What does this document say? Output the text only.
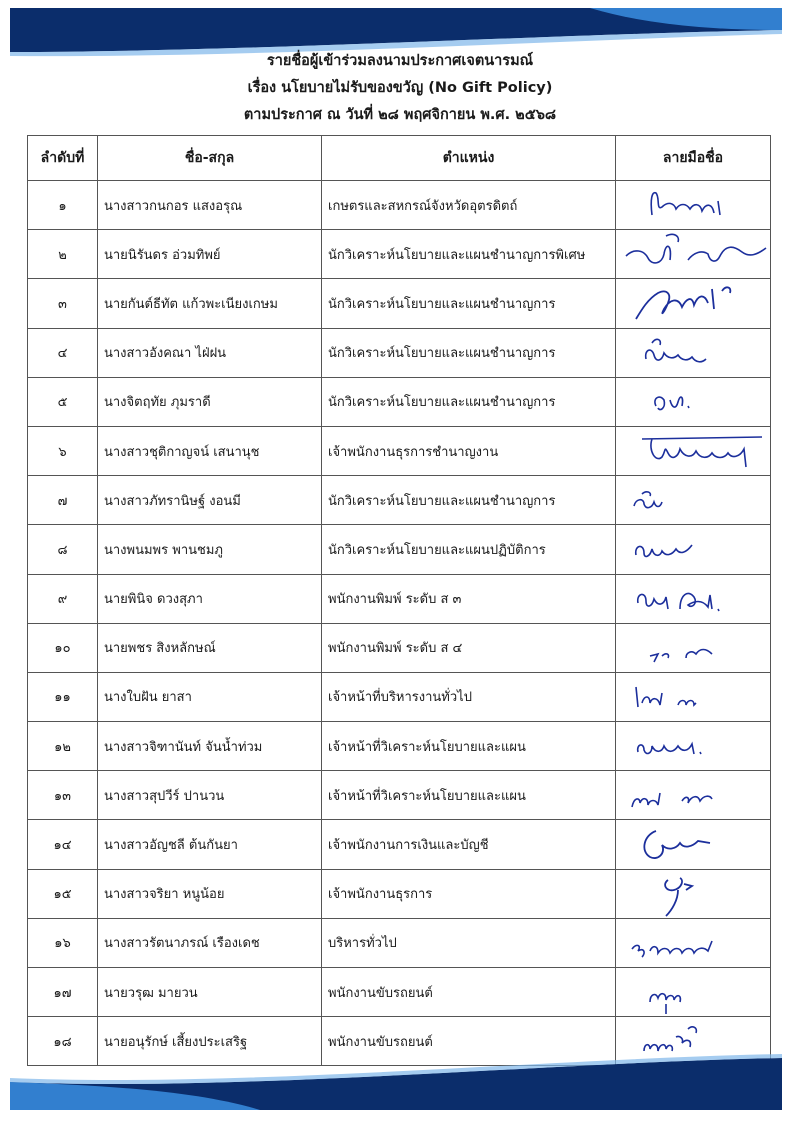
รายชื่อผู้เข้าร่วมลงนามประกาศเจตนารมณ์
เรื่อง นโยบายไม่รับของขวัญ (No Gift Policy)
ตามประกาศ ณ วันที่ ๒๘ พฤศจิกายน พ.ศ. ๒๕๖๘
ลำดับที่	ชื่อ-สกุล	ตำแหน่ง	ลายมือชื่อ
๑	นางสาวกนกอร แสงอรุณ	เกษตรและสหกรณ์จังหวัดอุตรดิตถ์	

๒	นายนิรันดร อ่วมทิพย์	นักวิเคราะห์นโยบายและแผนชำนาญการพิเศษ	

๓	นายกันต์ธีทัต แก้วพะเนียงเกษม	นักวิเคราะห์นโยบายและแผนชำนาญการ	

๔	นางสาวอังคณา ไฝ่ฝน	นักวิเคราะห์นโยบายและแผนชำนาญการ	

๕	นางจิตฤทัย ภุมราดี	นักวิเคราะห์นโยบายและแผนชำนาญการ	

๖	นางสาวชุติกาญจน์ เสนานุช	เจ้าพนักงานธุรการชำนาญงาน	

๗	นางสาวภัทรานิษฐ์ งอนมี	นักวิเคราะห์นโยบายและแผนชำนาญการ	

๘	นางพนมพร พานชมภู	นักวิเคราะห์นโยบายและแผนปฏิบัติการ	

๙	นายพินิจ ดวงสุภา	พนักงานพิมพ์ ระดับ ส ๓	

๑๐	นายพชร สิงหลักษณ์	พนักงานพิมพ์ ระดับ ส ๔	

๑๑	นางใบฝัน ยาสา	เจ้าหน้าที่บริหารงานทั่วไป	

๑๒	นางสาวจิฑานันท์ จันน้ำท่วม	เจ้าหน้าที่วิเคราะห์นโยบายและแผน	

๑๓	นางสาวสุปวีร์ ปานวน	เจ้าหน้าที่วิเคราะห์นโยบายและแผน	

๑๔	นางสาวอัญชลี ต้นกันยา	เจ้าพนักงานการเงินและบัญชี	

๑๕	นางสาวจริยา หนูน้อย	เจ้าพนักงานธุรการ	

๑๖	นางสาวรัตนาภรณ์ เรืองเดช	บริหารทั่วไป	

๑๗	นายวรุฒ มายวน	พนักงานขับรถยนต์	

๑๘	นายอนุรักษ์ เสี้ยงประเสริฐ	พนักงานขับรถยนต์	
